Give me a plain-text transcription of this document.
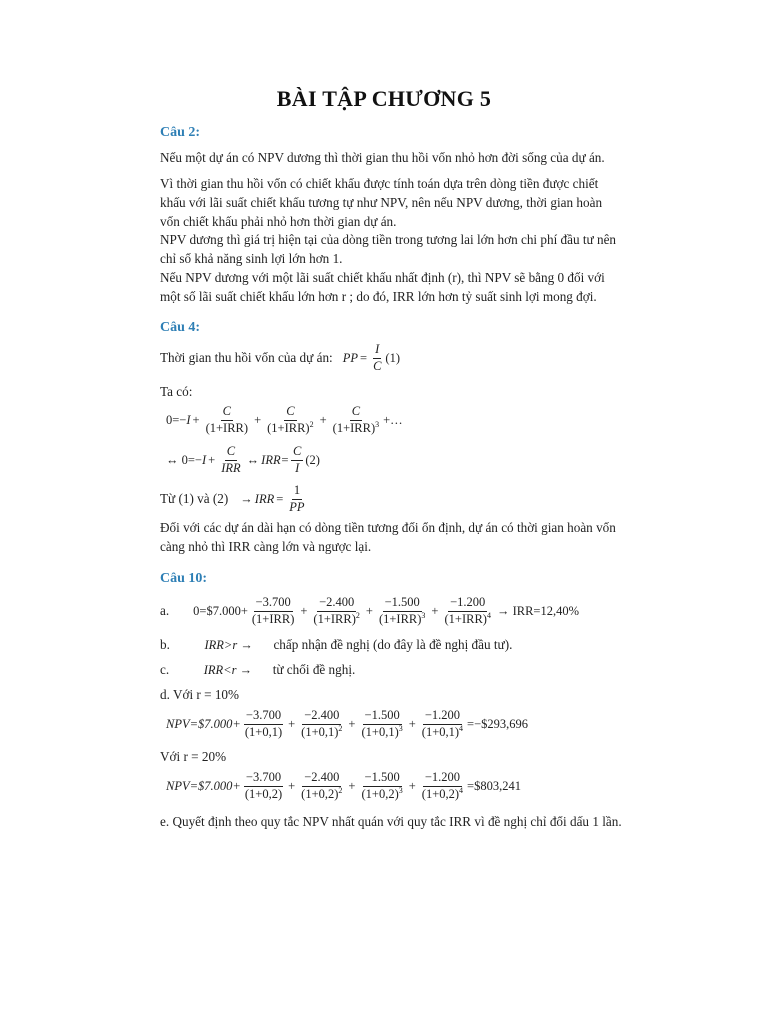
BÀI TẬP CHƯƠNG 5
Câu 2:
Nếu một dự án có NPV dương thì thời gian thu hồi vốn nhỏ hơn đời sống của dự án.
Vì thời gian thu hồi vốn có chiết khấu được tính toán dựa trên dòng tiền được chiết khấu với lãi suất chiết khấu tương tự như NPV, nên nếu NPV dương, thời gian hoàn vốn chiết khấu phải nhỏ hơn thời gian dự án.
NPV dương thì giá trị hiện tại của dòng tiền trong tương lai lớn hơn chi phí đầu tư nên chỉ số khả năng sinh lợi lớn hơn 1.
Nếu NPV dương với một lãi suất chiết khấu nhất định (r), thì NPV sẽ bằng 0 đối với một số lãi suất chiết khấu lớn hơn r ; do đó, IRR lớn hơn tỷ suất sinh lợi mong đợi.
Câu 4:
Thời gian thu hồi vốn của dự án: PP = $\frac{I}{C} (1)$
Ta có:
$0=- I + \frac{C}{\text{(1+IRR)}} + \frac{C}{(1+IRR)^2} + \frac{C}{(1+IRR)^3}$ +…
↔ $0=- I + \frac{C}{\text{IRR}}$ ↔ $IRR= \frac{C}{I} (2)$
Từ (1) và (2) → IRR = $\frac{1}{PP}$
Đối với các dự án dài hạn có dòng tiền tương đối ổn định, dự án có thời gian hoàn vốn càng nhỏ thì IRR càng lớn và ngược lại.
Câu 10:
a. 0=$7.000+ $\frac{-3.700}{\text{(1+IRR)}} + \frac{-2.400}{(1+IRR)^2} + \frac{-1.500}{(1+IRR)^3} + \frac{-1.200}{(1+IRR)^4} \to IRR=12,40\%$
b.	IRR>r → chấp nhận đề nghị (do đây là đề nghị đầu tư).
c.	IRR<r → từ chối đề nghị.
d. Với r = 10%
NPV=$7.000+ $\frac{-3.700}{(1+0,1)} + \frac{-2.400}{(1+0,1)^2} + \frac{-1.500}{(1+0,1)^3} + \frac{-1.200}{(1+0,1)^4}$ =−$293,696
Với r = 20%
NPV=$7.000+ $\frac{-3.700}{(1+0,2)} + \frac{-2.400}{(1+0,2)^2} + \frac{-1.500}{(1+0,2)^3} + \frac{-1.200}{(1+0,2)^4}$ =$803,241
e. Quyết định theo quy tắc NPV nhất quán với quy tắc IRR vì đề nghị chỉ đổi dấu 1 lần.
